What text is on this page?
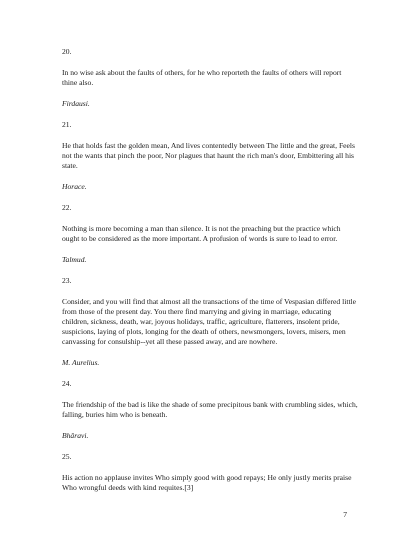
20.
In no wise ask about the faults of others, for he who reporteth the faults of others will report thine also.
Firdausi.
21.
He that holds fast the golden mean, And lives contentedly between The little and the great, Feels not the wants that pinch the poor, Nor plagues that haunt the rich man's door, Embittering all his state.
Horace.
22.
Nothing is more becoming a man than silence. It is not the preaching but the practice which ought to be considered as the more important. A profusion of words is sure to lead to error.
Talmud.
23.
Consider, and you will find that almost all the transactions of the time of Vespasian differed little from those of the present day. You there find marrying and giving in marriage, educating children, sickness, death, war, joyous holidays, traffic, agriculture, flatterers, insolent pride, suspicions, laying of plots, longing for the death of others, newsmongers, lovers, misers, men canvassing for consulship--yet all these passed away, and are nowhere.
M. Aurelius.
24.
The friendship of the bad is like the shade of some precipitous bank with crumbling sides, which, falling, buries him who is beneath.
Bhâravi.
25.
His action no applause invites Who simply good with good repays; He only justly merits praise Who wrongful deeds with kind requites.[3]
7
